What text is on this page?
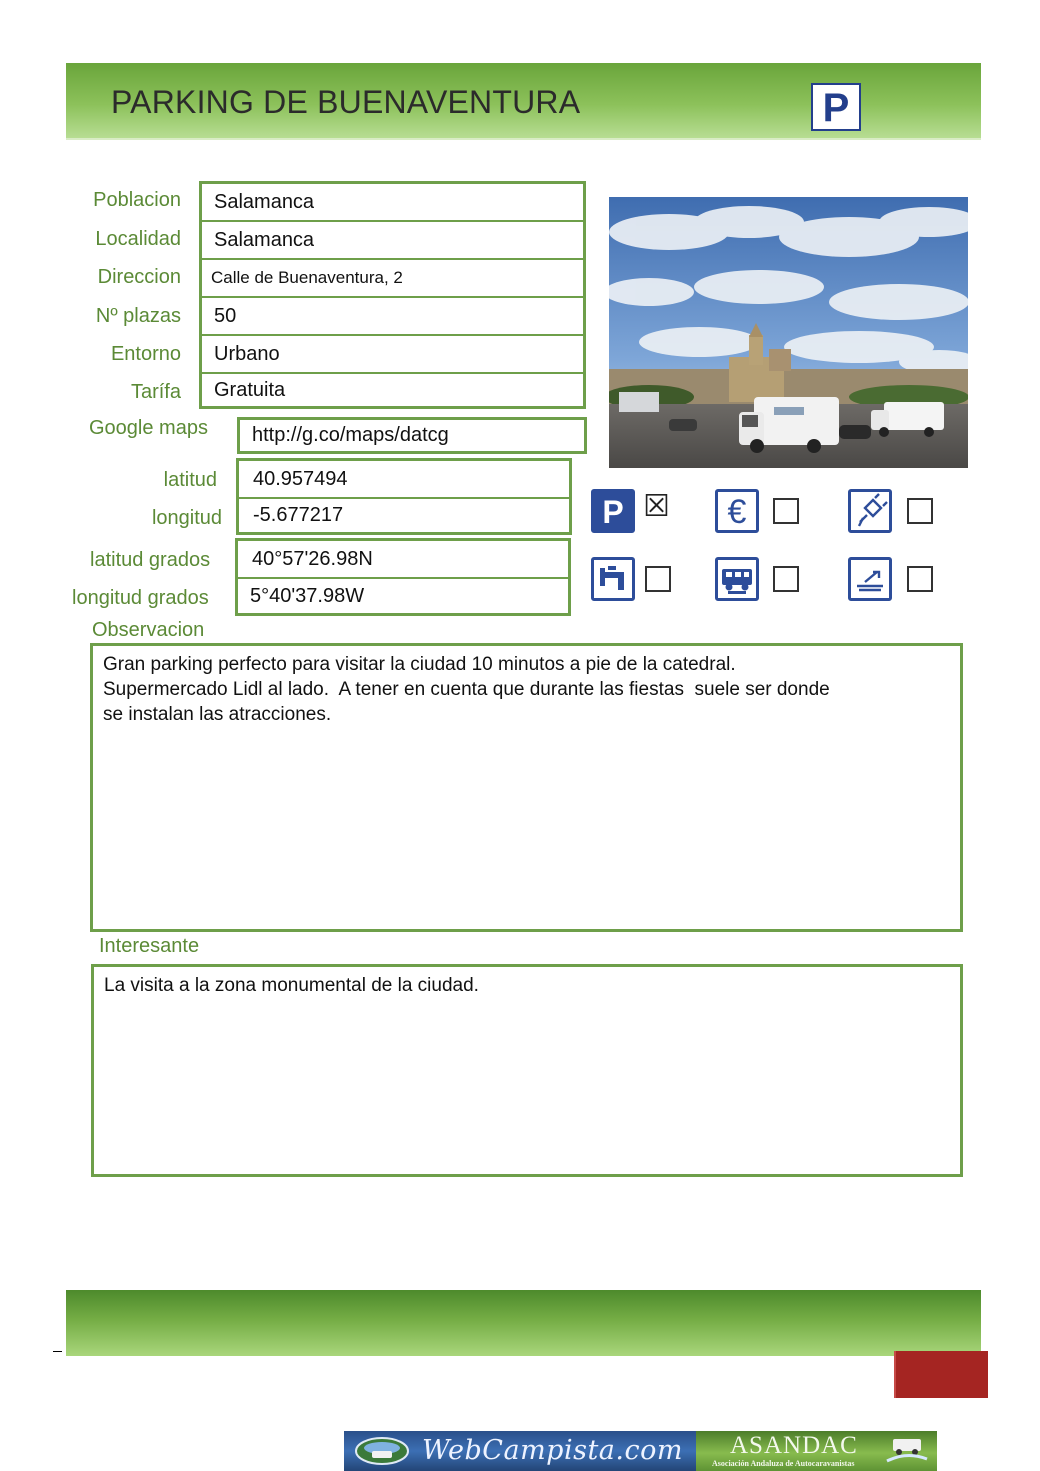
PARKING DE BUENAVENTURA	P
Poblacion
Localidad
Direccion
Nº plazas
Entorno
Tarífa
Salamanca
Salamanca
Calle de Buenaventura, 2
50
Urbano
Gratuita
Google maps http://g.co/maps/datcg
latitud
longitud
latitud grados
longitud grados
40.957494
-5.677217
40°57'26.98N
5°40'37.98W
P ☒ €
Observacion
Gran parking perfecto para visitar la ciudad 10 minutos a pie de la catedral.
Supermercado Lidl al lado.  A tener en cuenta que durante las fiestas  suele ser donde
se instalan las atracciones.
Interesante
La visita a la zona monumental de la ciudad.
WebCampista.com ASANDAC
Asociación Andaluza de Autocaravanistas
